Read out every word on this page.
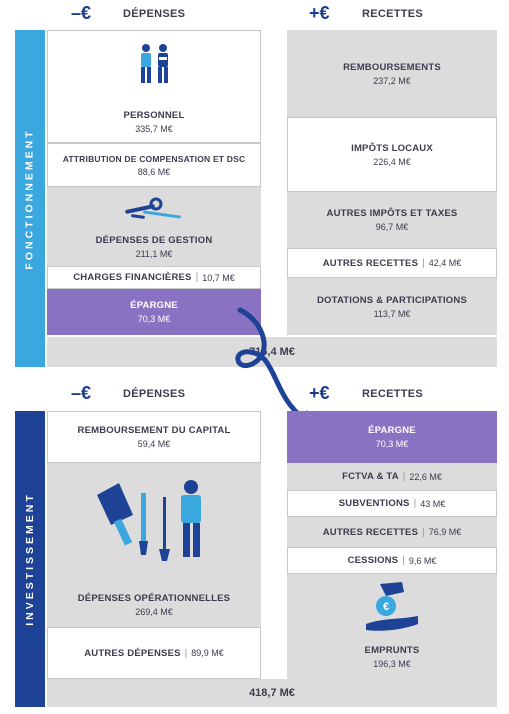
–€	DÉPENSES	+€	RECETTES
FONCTIONNEMENT
PERSONNEL
335,7 M€
ATTRIBUTION DE COMPENSATION ET DSC
88,6 M€
DÉPENSES DE GESTION
211,1 M€
CHARGES FINANCIÈRES | 10,7 M€
ÉPARGNE
70,3 M€
REMBOURSEMENTS
237,2 M€
IMPÔTS LOCAUX
226,4 M€
AUTRES IMPÔTS ET TAXES
96,7 M€
AUTRES RECETTES | 42,4 M€
DOTATIONS & PARTICIPATIONS
113,7 M€
716,4 M€
–€	DÉPENSES	+€	RECETTES
INVESTISSEMENT
REMBOURSEMENT DU CAPITAL
59,4 M€
DÉPENSES OPÉRATIONNELLES
269,4 M€
AUTRES DÉPENSES | 89,9 M€
ÉPARGNE
70,3 M€
FCTVA & TA | 22,6 M€
SUBVENTIONS | 43 M€
AUTRES RECETTES | 76,9 M€
CESSIONS | 9,6 M€
€
EMPRUNTS
196,3 M€
418,7 M€
